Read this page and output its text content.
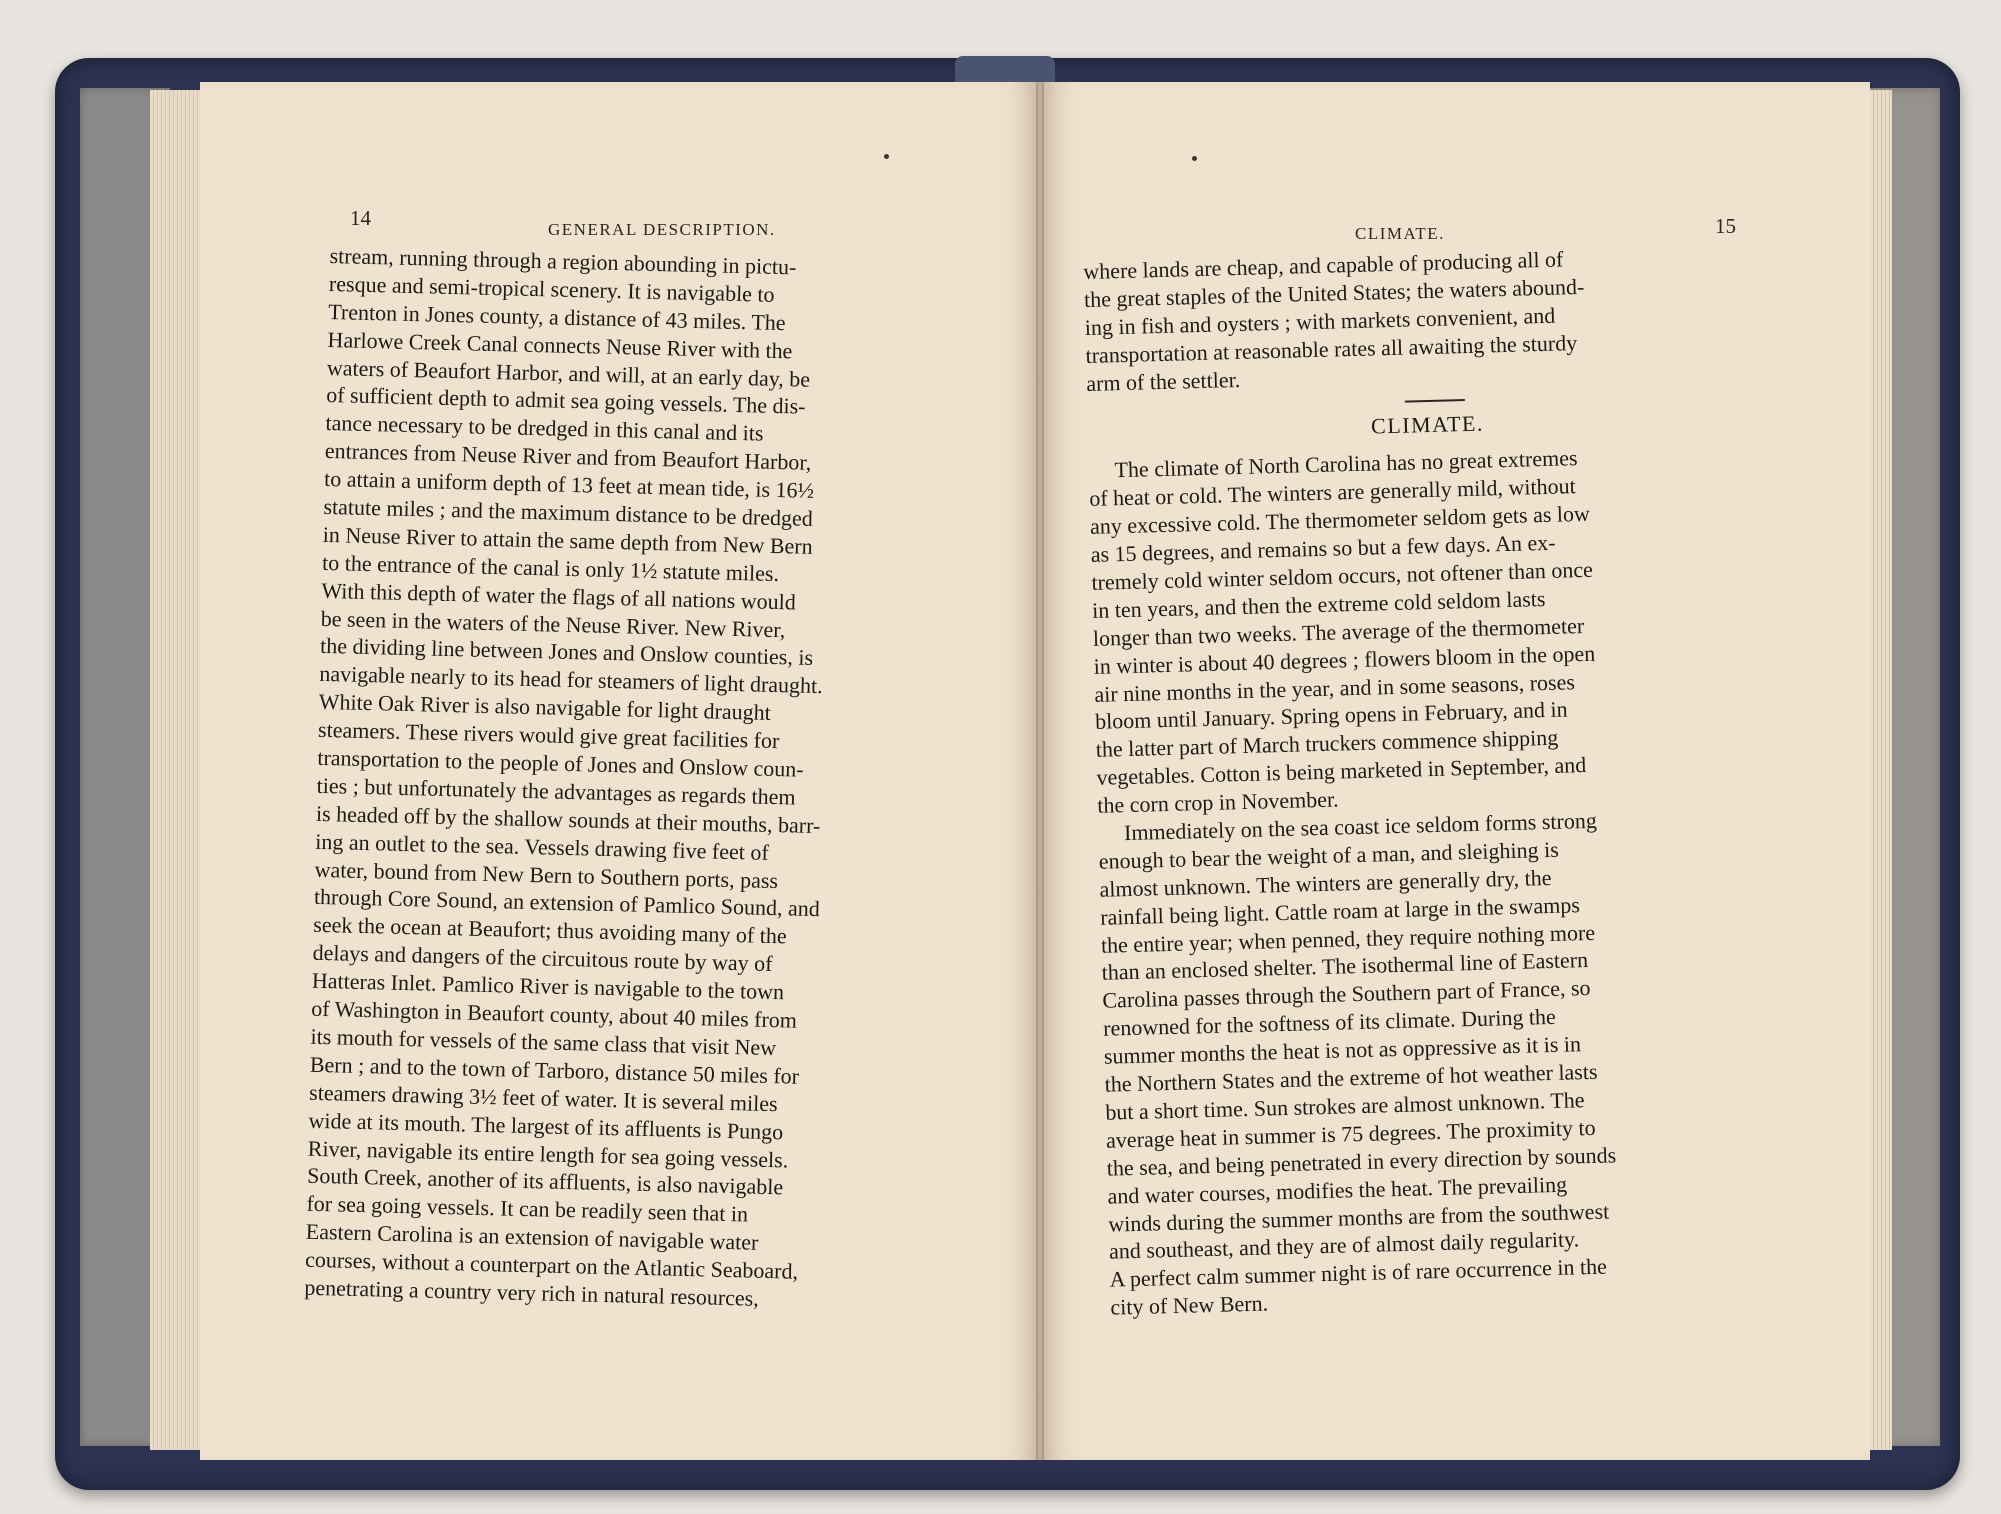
14	GENERAL DESCRIPTION.
stream, running through a region abounding in pictu-
resque and semi-tropical scenery. It is navigable to
Trenton in Jones county, a distance of 43 miles. The
Harlowe Creek Canal connects Neuse River with the
waters of Beaufort Harbor, and will, at an early day, be
of sufficient depth to admit sea going vessels. The dis-
tance necessary to be dredged in this canal and its
entrances from Neuse River and from Beaufort Harbor,
to attain a uniform depth of 13 feet at mean tide, is 16½
statute miles ; and the maximum distance to be dredged
in Neuse River to attain the same depth from New Bern
to the entrance of the canal is only 1½ statute miles.
With this depth of water the flags of all nations would
be seen in the waters of the Neuse River. New River,
the dividing line between Jones and Onslow counties, is
navigable nearly to its head for steamers of light draught.
White Oak River is also navigable for light draught
steamers. These rivers would give great facilities for
transportation to the people of Jones and Onslow coun-
ties ; but unfortunately the advantages as regards them
is headed off by the shallow sounds at their mouths, barr-
ing an outlet to the sea. Vessels drawing five feet of
water, bound from New Bern to Southern ports, pass
through Core Sound, an extension of Pamlico Sound, and
seek the ocean at Beaufort; thus avoiding many of the
delays and dangers of the circuitous route by way of
Hatteras Inlet. Pamlico River is navigable to the town
of Washington in Beaufort county, about 40 miles from
its mouth for vessels of the same class that visit New
Bern ; and to the town of Tarboro, distance 50 miles for
steamers drawing 3½ feet of water. It is several miles
wide at its mouth. The largest of its affluents is Pungo
River, navigable its entire length for sea going vessels.
South Creek, another of its affluents, is also navigable
for sea going vessels. It can be readily seen that in
Eastern Carolina is an extension of navigable water
courses, without a counterpart on the Atlantic Seaboard,
penetrating a country very rich in natural resources,
CLIMATE.	15
where lands are cheap, and capable of producing all of
the great staples of the United States; the waters abound-
ing in fish and oysters ; with markets convenient, and
transportation at reasonable rates all awaiting the sturdy
arm of the settler.
CLIMATE.
The climate of North Carolina has no great extremes
of heat or cold. The winters are generally mild, without
any excessive cold. The thermometer seldom gets as low
as 15 degrees, and remains so but a few days. An ex-
tremely cold winter seldom occurs, not oftener than once
in ten years, and then the extreme cold seldom lasts
longer than two weeks. The average of the thermometer
in winter is about 40 degrees ; flowers bloom in the open
air nine months in the year, and in some seasons, roses
bloom until January. Spring opens in February, and in
the latter part of March truckers commence shipping
vegetables. Cotton is being marketed in September, and
the corn crop in November.
Immediately on the sea coast ice seldom forms strong
enough to bear the weight of a man, and sleighing is
almost unknown. The winters are generally dry, the
rainfall being light. Cattle roam at large in the swamps
the entire year; when penned, they require nothing more
than an enclosed shelter. The isothermal line of Eastern
Carolina passes through the Southern part of France, so
renowned for the softness of its climate. During the
summer months the heat is not as oppressive as it is in
the Northern States and the extreme of hot weather lasts
but a short time. Sun strokes are almost unknown. The
average heat in summer is 75 degrees. The proximity to
the sea, and being penetrated in every direction by sounds
and water courses, modifies the heat. The prevailing
winds during the summer months are from the southwest
and southeast, and they are of almost daily regularity.
A perfect calm summer night is of rare occurrence in the
city of New Bern.
